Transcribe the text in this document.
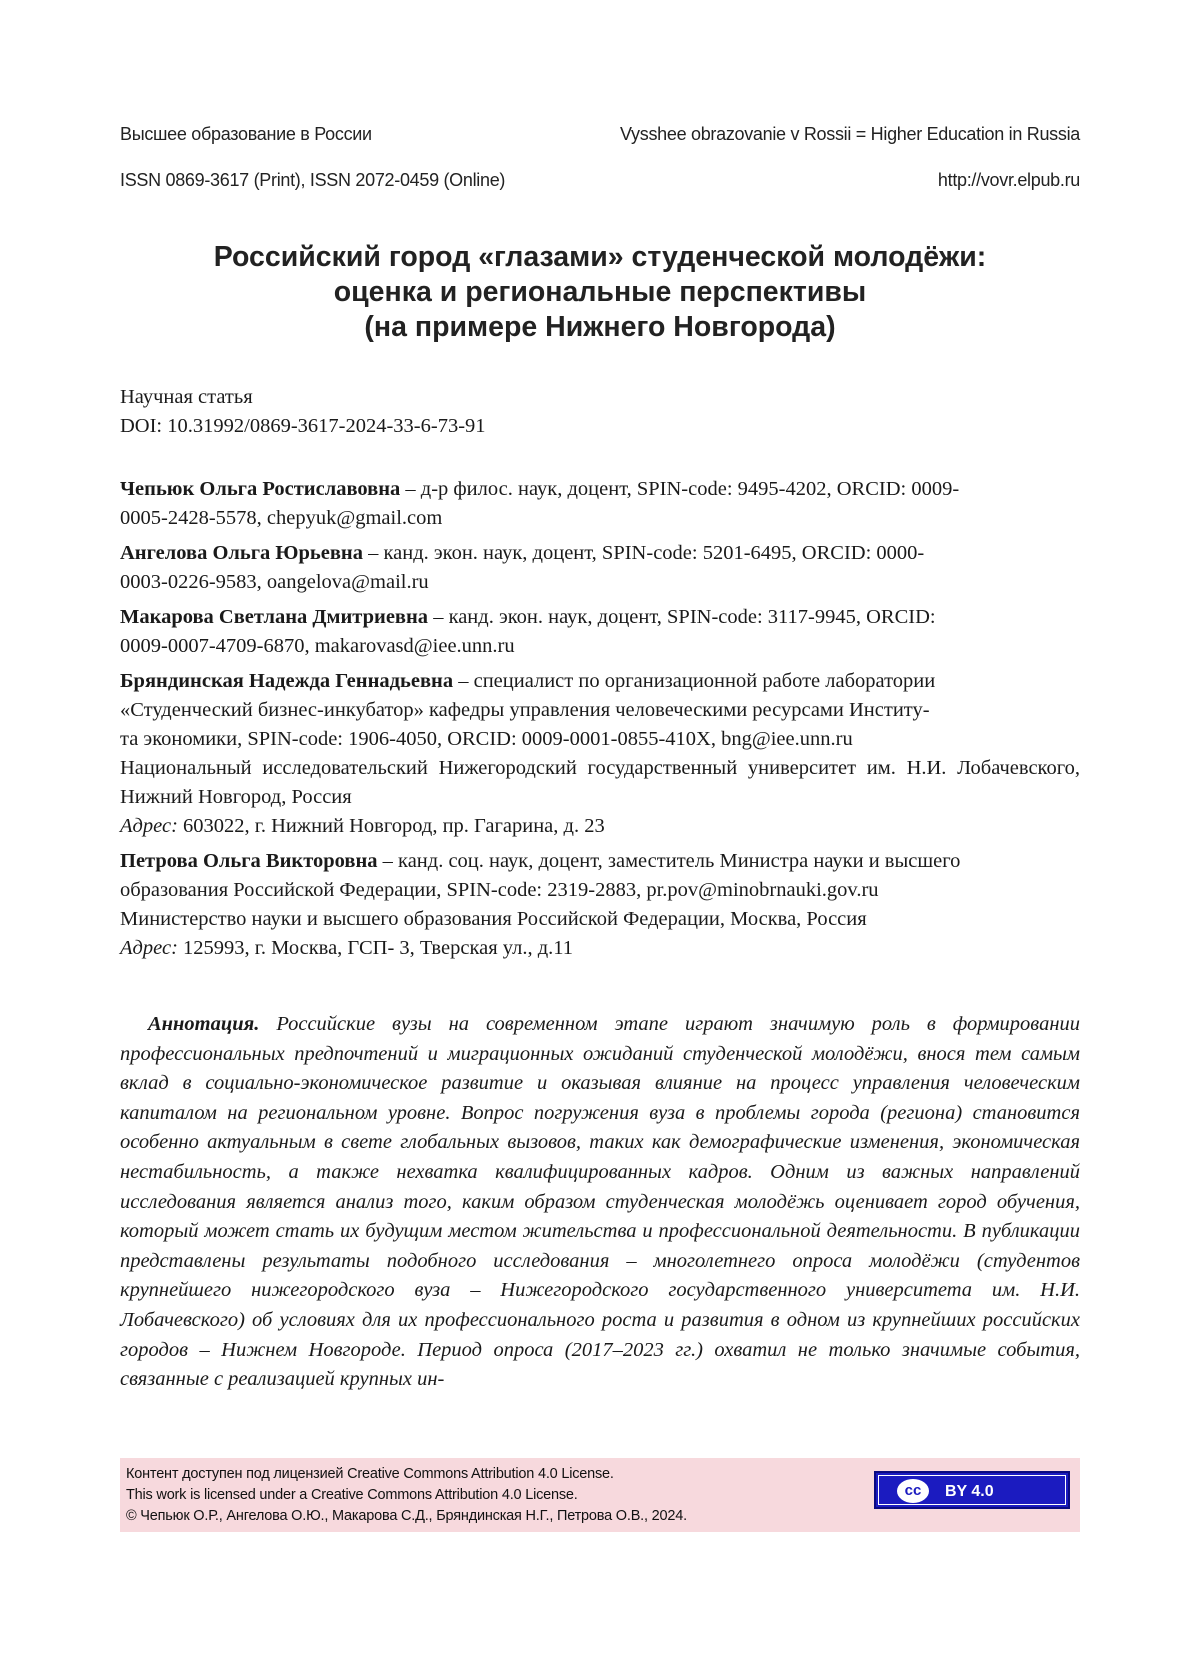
Высшее образование в России	Vysshee obrazovanie v Rossii = Higher Education in Russia
ISSN 0869-3617 (Print), ISSN 2072-0459 (Online)	http://vovr.elpub.ru
Российский город «глазами» студенческой молодёжи:
оценка и региональные перспективы
(на примере Нижнего Новгорода)
Научная статья
DOI: 10.31992/0869-3617-2024-33-6-73-91
Чепьюк Ольга Ростиславовна – д-р филос. наук, доцент, SPIN-code: 9495-4202, ORCID: 0009-
0005-2428-5578, chepyuk@gmail.com
Ангелова Ольга Юрьевна – канд. экон. наук, доцент, SPIN-code: 5201-6495, ORCID: 0000-
0003-0226-9583, oangelova@mail.ru
Макарова Светлана Дмитриевна – канд. экон. наук, доцент, SPIN-code: 3117-9945, ORCID:
0009-0007-4709-6870, makarovasd@iee.unn.ru
Бряндинская Надежда Геннадьевна – специалист по организационной работе лаборатории
«Студенческий бизнес-инкубатор» кафедры управления человеческими ресурсами Институ-
та экономики, SPIN-code: 1906-4050, ORCID: 0009-0001-0855-410X, bng@iee.unn.ru

Национальный исследовательский Нижегородский государственный университет им. Н.И. Лобачевского, Нижний Новгород, Россия

Адрес: 603022, г. Нижний Новгород, пр. Гагарина, д. 23
Петрова Ольга Викторовна – канд. соц. наук, доцент, заместитель Министра науки и высшего
образования Российской Федерации, SPIN-code: 2319-2883, pr.pov@minobrnauki.gov.ru
Министерство науки и высшего образования Российской Федерации, Москва, Россия
Адрес: 125993, г. Москва, ГСП- 3, Тверская ул., д.11
Аннотация. Российские вузы на современном этапе играют значимую роль в формировании профессиональных предпочтений и миграционных ожиданий студенческой молодёжи, внося тем самым вклад в социально-экономическое развитие и оказывая влияние на процесс управления человеческим капиталом на региональном уровне. Вопрос погружения вуза в проблемы города (региона) становится особенно актуальным в свете глобальных вызовов, таких как демографические изменения, экономическая нестабильность, а также нехватка квалифицированных кадров. Одним из важных направлений исследования является анализ того, каким образом студенческая молодёжь оценивает город обучения, который может стать их будущим местом жительства и профессиональной деятельности. В публикации представлены результаты подобного исследования – многолетнего опроса молодёжи (студентов крупнейшего нижегородского вуза – Нижегородского государственного университета им. Н.И. Лобачевского) об условиях для их профессионального роста и развития в одном из крупнейших российских городов – Нижнем Новгороде. Период опроса (2017–2023 гг.) охватил не только значимые события, связанные с реализацией крупных ин-
Контент доступен под лицензией Creative Commons Attribution 4.0 License.
This work is licensed under a Creative Commons Attribution 4.0 License.
© Чепьюк О.Р., Ангелова О.Ю., Макарова С.Д., Бряндинская Н.Г., Петрова О.В., 2024.
cc	BY 4.0
